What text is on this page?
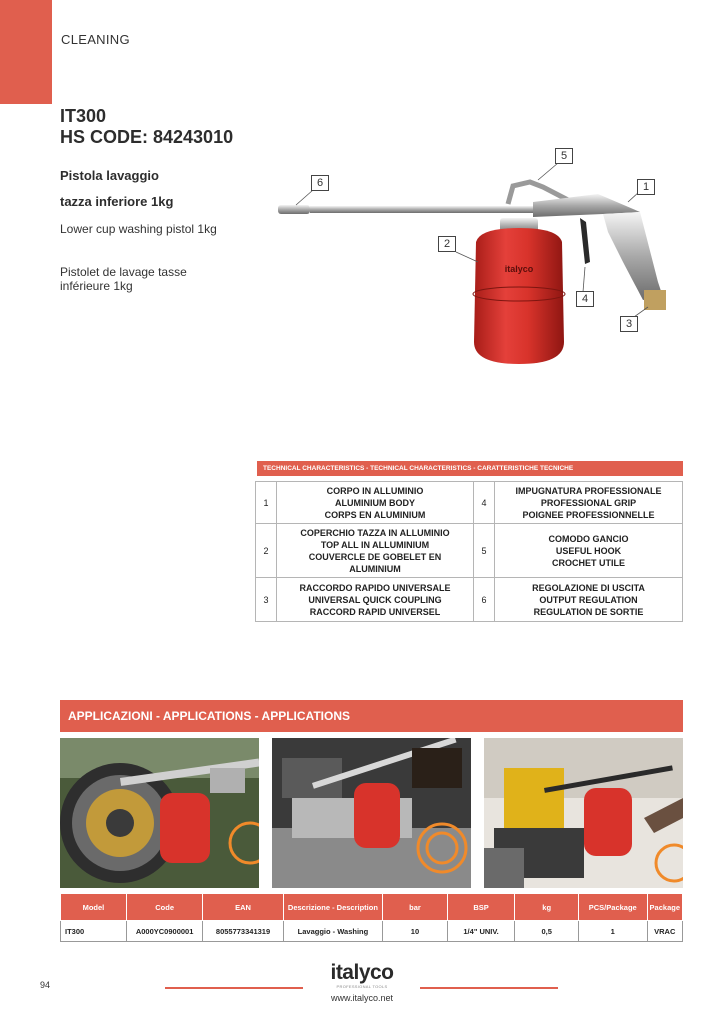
CLEANING
IT300
HS CODE: 84243010
Pistola lavaggio
tazza inferiore 1kg
Lower cup washing pistol 1kg
Pistolet de lavage tasse inférieure 1kg
italyco
6
5
1
2
4
3
TECHNICAL CHARACTERISTICS - TECHNICAL CHARACTERISTICS - CARATTERISTICHE TECNICHE
1	CORPO IN ALLUMINIO
ALUMINIUM BODY
CORPS EN ALUMINIUM	4	IMPUGNATURA PROFESSIONALE
PROFESSIONAL GRIP
POIGNEE PROFESSIONNELLE
2	COPERCHIO TAZZA IN ALLUMINIO
TOP ALL IN ALLUMINIUM
COUVERCLE DE GOBELET EN
ALUMINIUM	5	COMODO GANCIO
USEFUL HOOK
CROCHET UTILE
3	RACCORDO RAPIDO UNIVERSALE
UNIVERSAL QUICK COUPLING
RACCORD RAPID UNIVERSEL	6	REGOLAZIONE DI USCITA
OUTPUT REGULATION
REGULATION DE SORTIE
APPLICAZIONI - APPLICATIONS - APPLICATIONS
Model	Code	EAN	Descrizione - Description	bar	BSP	kg	PCS/Package	Package
IT300	A000YC0900001	8055773341319	Lavaggio - Washing	10	1/4" UNIV.	0,5	1	VRAC
94
italyco
PROFESSIONAL TOOLS
www.italyco.net
